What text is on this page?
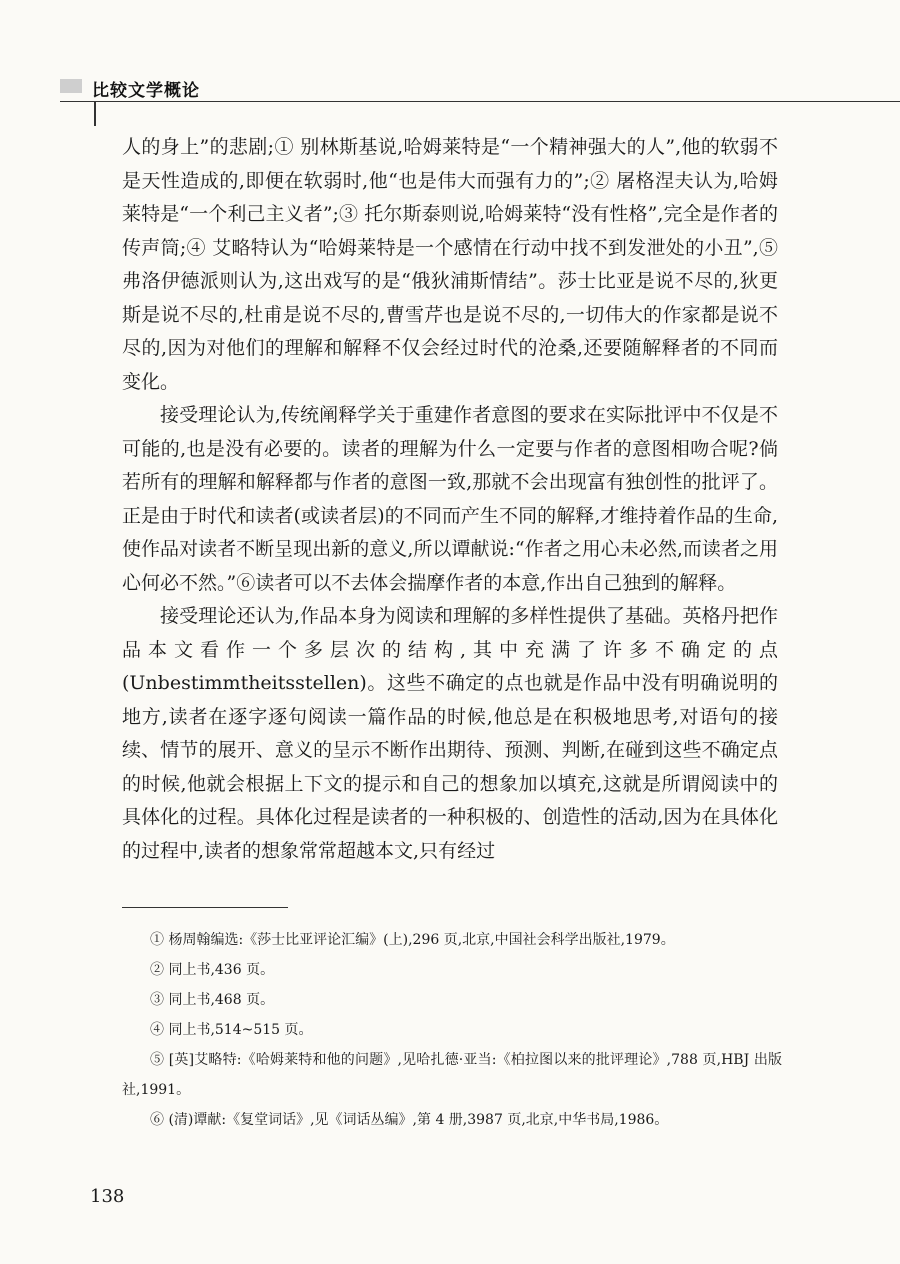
比较文学概论

人的身上”的悲剧;① 别林斯基说,哈姆莱特是“一个精神强大的人”,他的软弱不是天性造成的,即便在软弱时,他“也是伟大而强有力的”;② 屠格涅夫认为,哈姆莱特是“一个利己主义者”;③ 托尔斯泰则说,哈姆莱特“没有性格”,完全是作者的传声筒;④ 艾略特认为“哈姆莱特是一个感情在行动中找不到发泄处的小丑”,⑤ 弗洛伊德派则认为,这出戏写的是“俄狄浦斯情结”。莎士比亚是说不尽的,狄更斯是说不尽的,杜甫是说不尽的,曹雪芹也是说不尽的,一切伟大的作家都是说不尽的,因为对他们的理解和解释不仅会经过时代的沧桑,还要随解释者的不同而变化。

接受理论认为,传统阐释学关于重建作者意图的要求在实际批评中不仅是不可能的,也是没有必要的。读者的理解为什么一定要与作者的意图相吻合呢?倘若所有的理解和解释都与作者的意图一致,那就不会出现富有独创性的批评了。正是由于时代和读者(或读者层)的不同而产生不同的解释,才维持着作品的生命,使作品对读者不断呈现出新的意义,所以谭献说:“作者之用心未必然,而读者之用心何必不然。”⑥读者可以不去体会揣摩作者的本意,作出自己独到的解释。

接受理论还认为,作品本身为阅读和理解的多样性提供了基础。英格丹把作品本文看作一个多层次的结构,其中充满了许多不确定的点(Unbestimmtheitsstellen)。这些不确定的点也就是作品中没有明确说明的地方,读者在逐字逐句阅读一篇作品的时候,他总是在积极地思考,对语句的接续、情节的展开、意义的呈示不断作出期待、预测、判断,在碰到这些不确定点的时候,他就会根据上下文的提示和自己的想象加以填充,这就是所谓阅读中的具体化的过程。具体化过程是读者的一种积极的、创造性的活动,因为在具体化的过程中,读者的想象常常超越本文,只有经过

① 杨周翰编选:《莎士比亚评论汇编》(上),296 页,北京,中国社会科学出版社,1979。

② 同上书,436 页。

③ 同上书,468 页。

④ 同上书,514~515 页。

⑤ [英]艾略特:《哈姆莱特和他的问题》,见哈扎德·亚当:《柏拉图以来的批评理论》,788 页,HBJ 出版社,1991。

⑥ (清)谭献:《复堂词话》,见《词话丛编》,第 4 册,3987 页,北京,中华书局,1986。

138
